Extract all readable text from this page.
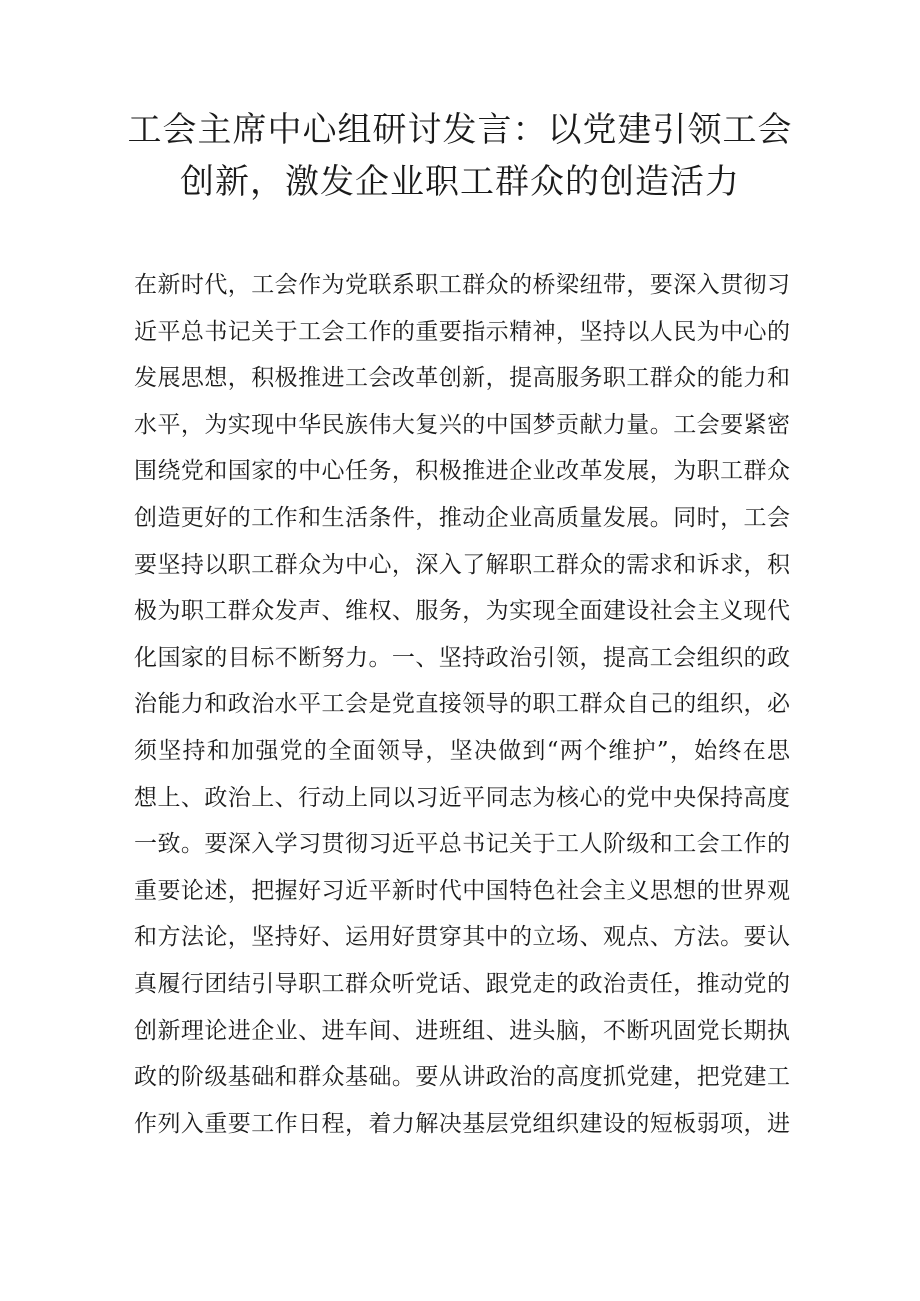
工会主席中心组研讨发言：以党建引领工会
创新，激发企业职工群众的创造活力
在新时代，工会作为党联系职工群众的桥梁纽带，要深入贯彻习
近平总书记关于工会工作的重要指示精神，坚持以人民为中心的
发展思想，积极推进工会改革创新，提高服务职工群众的能力和
水平，为实现中华民族伟大复兴的中国梦贡献力量。工会要紧密
围绕党和国家的中心任务，积极推进企业改革发展，为职工群众
创造更好的工作和生活条件，推动企业高质量发展。同时，工会
要坚持以职工群众为中心，深入了解职工群众的需求和诉求，积
极为职工群众发声、维权、服务，为实现全面建设社会主义现代
化国家的目标不断努力。一、坚持政治引领，提高工会组织的政
治能力和政治水平工会是党直接领导的职工群众自己的组织，必
须坚持和加强党的全面领导，坚决做到“两个维护”，始终在思
想上、政治上、行动上同以习近平同志为核心的党中央保持高度
一致。要深入学习贯彻习近平总书记关于工人阶级和工会工作的
重要论述，把握好习近平新时代中国特色社会主义思想的世界观
和方法论，坚持好、运用好贯穿其中的立场、观点、方法。要认
真履行团结引导职工群众听党话、跟党走的政治责任，推动党的
创新理论进企业、进车间、进班组、进头脑，不断巩固党长期执
政的阶级基础和群众基础。要从讲政治的高度抓党建，把党建工
作列入重要工作日程，着力解决基层党组织建设的短板弱项，进
